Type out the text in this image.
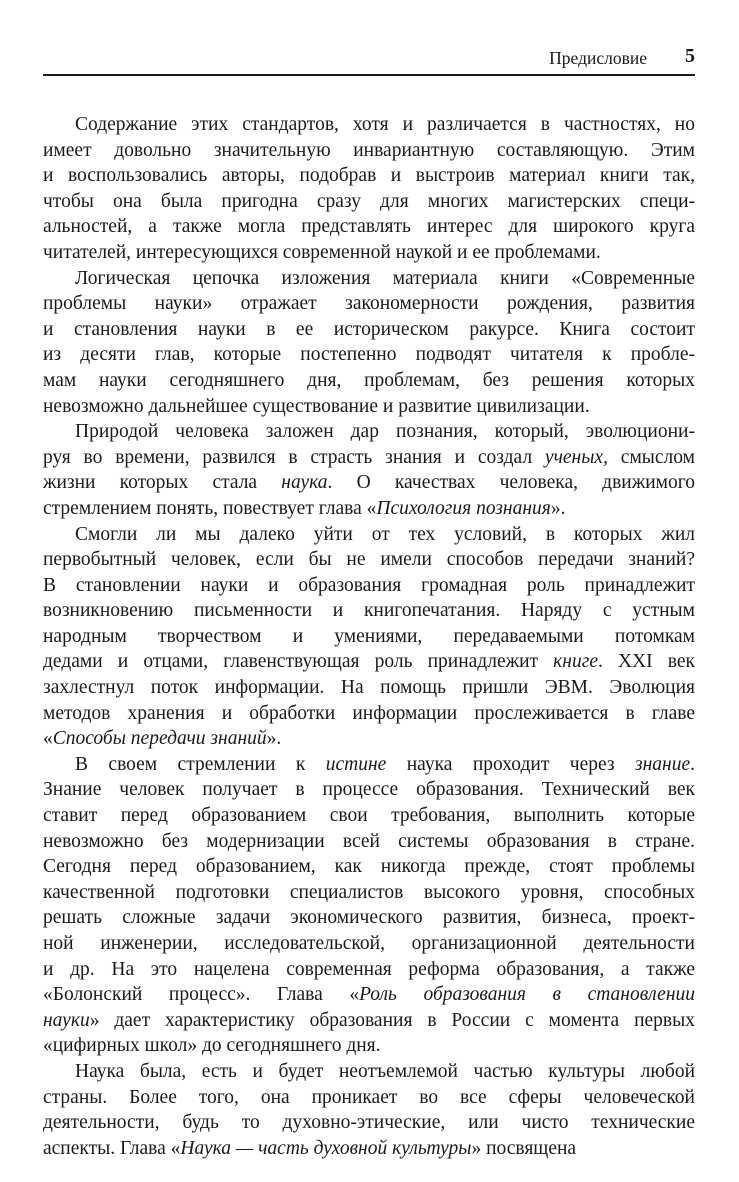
Предисловие 5
Содержание этих стандартов, хотя и различается в частностях, но
имеет довольно значительную инвариантную составляющую. Этим
и воспользовались авторы, подобрав и выстроив материал книги так,
чтобы она была пригодна сразу для многих магистерских специ-
альностей, а также могла представлять интерес для широкого круга
читателей, интересующихся современной наукой и ее проблемами.
Логическая цепочка изложения материала книги «Современные
проблемы науки» отражает закономерности рождения, развития
и становления науки в ее историческом ракурсе. Книга состоит
из десяти глав, которые постепенно подводят читателя к пробле-
мам науки сегодняшнего дня, проблемам, без решения которых
невозможно дальнейшее существование и развитие цивилизации.
Природой человека заложен дар познания, который, эволюциони-
руя во времени, развился в страсть знания и создал ученых, смыслом
жизни которых стала наука. О качествах человека, движимого
стремлением понять, повествует глава «Психология познания».
Смогли ли мы далеко уйти от тех условий, в которых жил
первобытный человек, если бы не имели способов передачи знаний?
В становлении науки и образования громадная роль принадлежит
возникновению письменности и книгопечатания. Наряду с устным
народным творчеством и умениями, передаваемыми потомкам
дедами и отцами, главенствующая роль принадлежит книге. XXI век
захлестнул поток информации. На помощь пришли ЭВМ. Эволюция
методов хранения и обработки информации прослеживается в главе
«Способы передачи знаний».
В своем стремлении к истине наука проходит через знание.
Знание человек получает в процессе образования. Технический век
ставит перед образованием свои требования, выполнить которые
невозможно без модернизации всей системы образования в стране.
Сегодня перед образованием, как никогда прежде, стоят проблемы
качественной подготовки специалистов высокого уровня, способных
решать сложные задачи экономического развития, бизнеса, проект-
ной инженерии, исследовательской, организационной деятельности
и др. На это нацелена современная реформа образования, а также
«Болонский процесс». Глава «Роль образования в становлении
науки» дает характеристику образования в России с момента первых
«цифирных школ» до сегодняшнего дня.
Наука была, есть и будет неотъемлемой частью культуры любой
страны. Более того, она проникает во все сферы человеческой
деятельности, будь то духовно-этические, или чисто технические
аспекты. Глава «Наука — часть духовной культуры» посвящена
